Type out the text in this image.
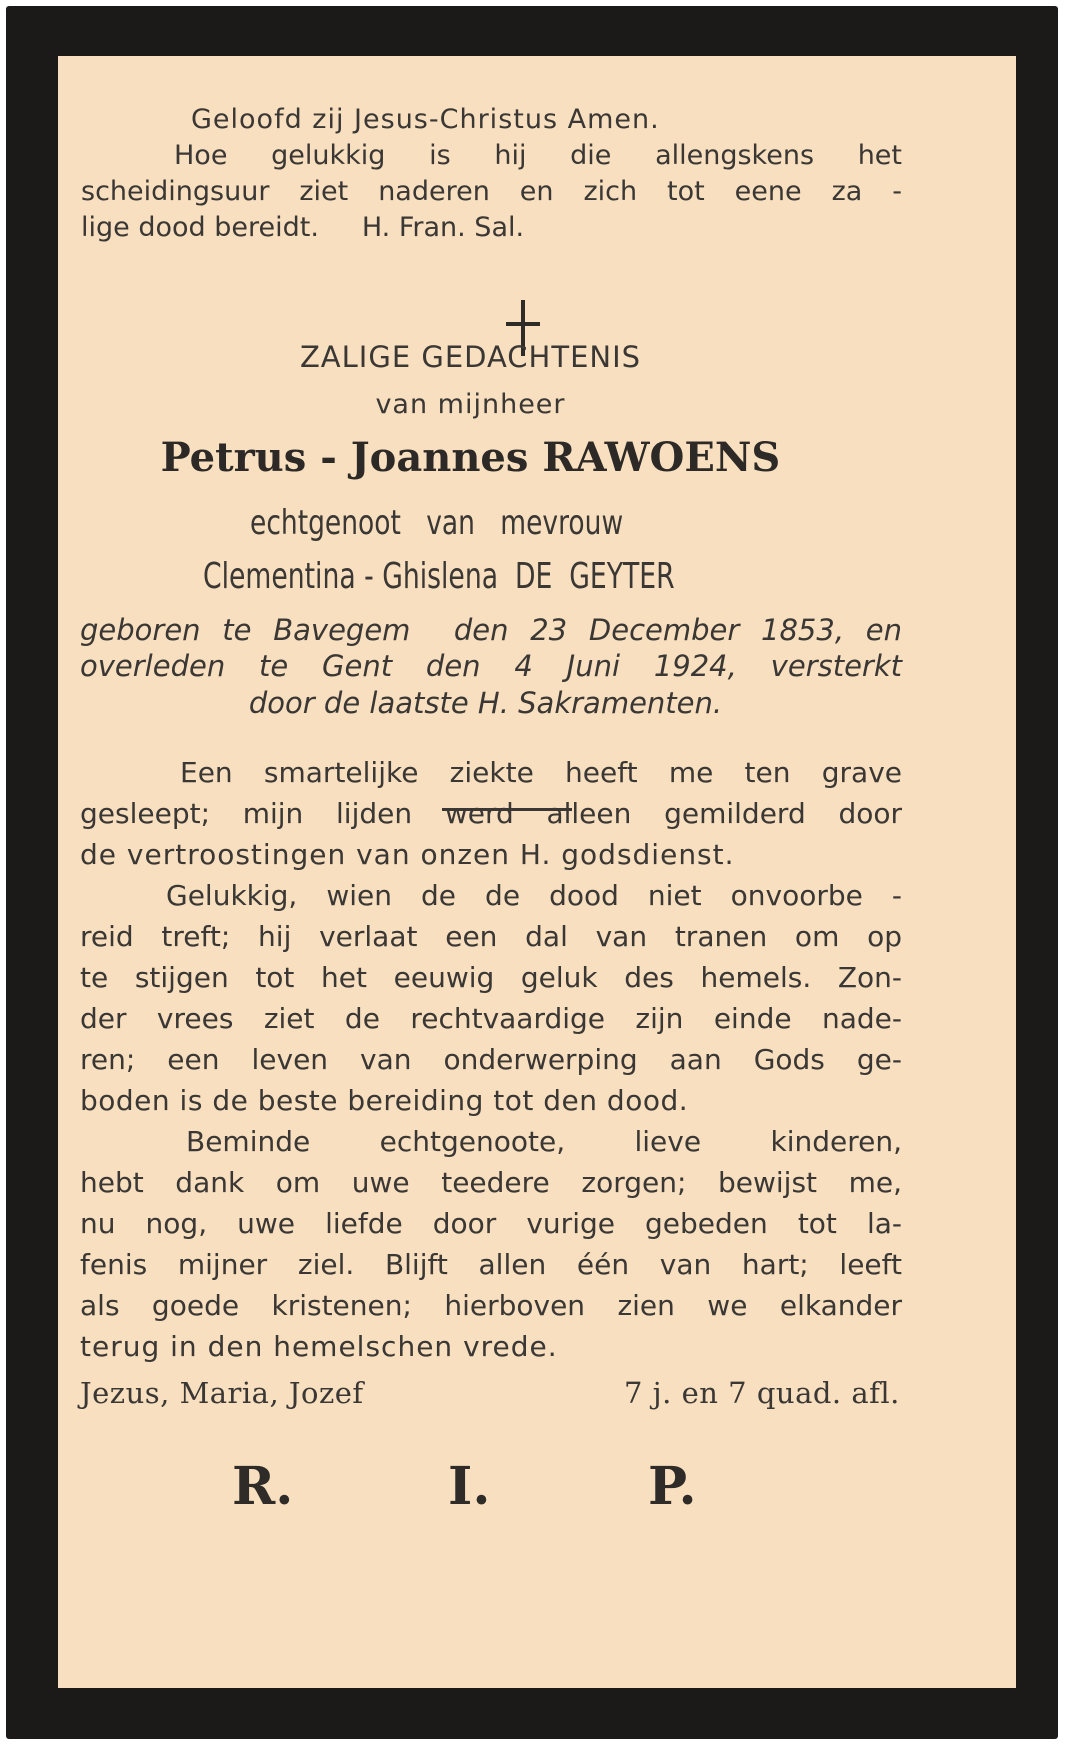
Geloofd zij Jesus-Christus Amen.
Hoe gelukkig is hij die allengskens het
scheidingsuur ziet naderen en zich tot eene za -
lige dood bereidt.     H. Fran. Sal.
ZALIGE GEDACHTENIS
van mijnheer
Petrus - Joannes RAWOENS
echtgenoot   van   mevrouw
Clementina - Ghislena  DE  GEYTER
geboren te Bavegem  den 23 December 1853, en
overleden te Gent den 4 Juni 1924, versterkt
door de laatste H. Sakramenten.
Een smartelijke ziekte heeft me ten grave
gesleept; mijn lijden werd alleen gemilderd door
de vertroostingen van onzen H. godsdienst.
Gelukkig, wien de de dood niet onvoorbe -
reid treft; hij verlaat een dal van tranen om op
te stijgen tot het eeuwig geluk des hemels. Zon-
der vrees ziet de rechtvaardige zijn einde nade-
ren; een leven van onderwerping aan Gods ge-
boden is de beste bereiding tot den dood.
Beminde echtgenoote, lieve kinderen,
hebt dank om uwe teedere zorgen; bewijst me,
nu nog, uwe liefde door vurige gebeden tot la-
fenis mijner ziel. Blijft allen één van hart; leeft
als goede kristenen; hierboven zien we elkander
terug in den hemelschen vrede.
Jezus, Maria, Jozef	7 j. en 7 quad. afl.
R.	I.	P.
